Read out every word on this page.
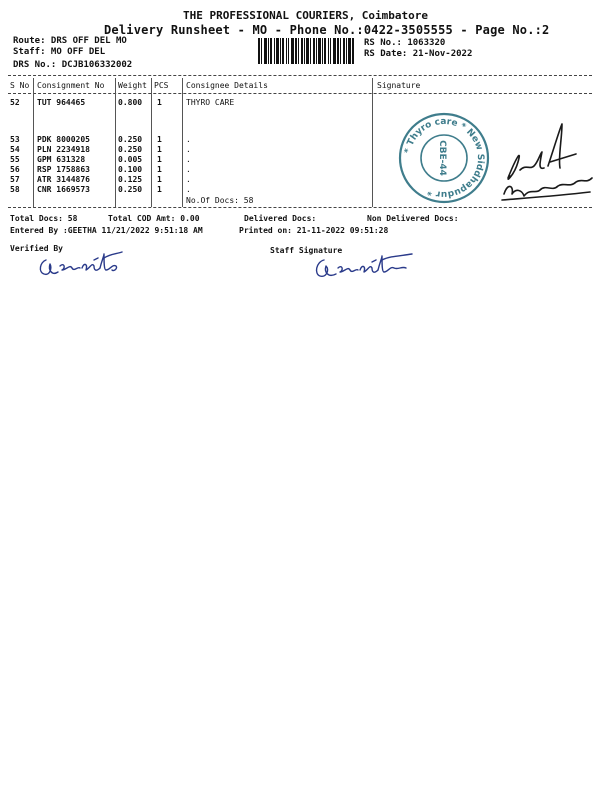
THE PROFESSIONAL COURIERS, Coimbatore
Delivery Runsheet - MO - Phone No.:0422-3505555 - Page No.:2
Route: DRS OFF DEL MO
Staff: MO OFF DEL
DRS No.: DCJB106332002
RS No.: 1063320
RS Date: 21-Nov-2022
S No Consignment No Weight PCS Consignee Details	Signature
52 TUT 964465	0.800 1	THYRO CARE
53 PDK 8000205	0.250 1	.
54 PLN 2234918	0.250 1	.
55 GPM 631328	0.005 1	.
56 RSP 1758863	0.100 1	.
57 ATR 3144876	0.125 1	.
58 CNR 1669573	0.250 1	.
No.Of Docs: 58
* Thyro care * New Siddhapudur *
CBE-44
Total Docs: 58	Total COD Amt: 0.00	Delivered Docs:	Non Delivered Docs:
Entered By :GEETHA 11/21/2022 9:51:18 AM	Printed on: 21-11-2022 09:51:28
Verified By	Staff Signature
